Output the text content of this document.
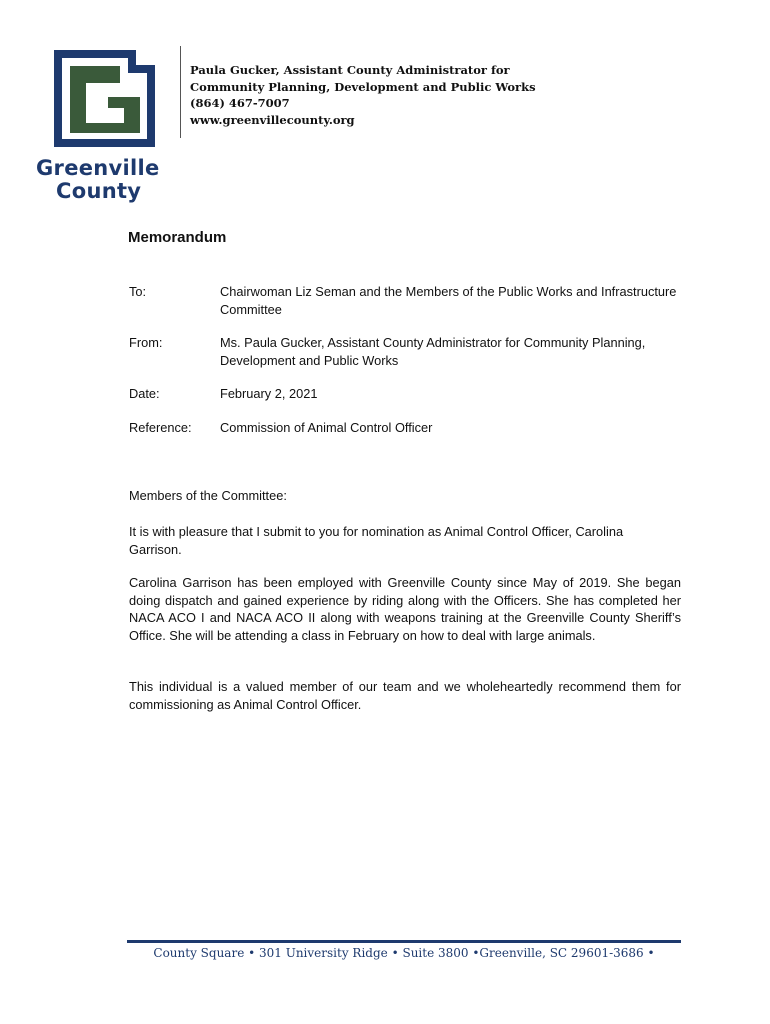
Greenville
County
Paula Gucker, Assistant County Administrator for
Community Planning, Development and Public Works
(864) 467-7007
www.greenvillecounty.org
Memorandum
To:	Chairwoman Liz Seman and the Members of the Public Works and Infrastructure Committee
From:	Ms. Paula Gucker, Assistant County Administrator for Community Planning, Development and Public Works
Date:	February 2, 2021
Reference:	Commission of Animal Control Officer

Members of the Committee:

It is with pleasure that I submit to you for nomination as Animal Control Officer, Carolina Garrison.

Carolina Garrison has been employed with Greenville County since May of 2019. She began doing dispatch and gained experience by riding along with the Officers. She has completed her NACA ACO I and NACA ACO II along with weapons training at the Greenville County Sheriff’s Office. She will be attending a class in February on how to deal with large animals.

This individual is a valued member of our team and we wholeheartedly recommend them for commissioning as Animal Control Officer.

County Square • 301 University Ridge • Suite 3800 •Greenville, SC 29601-3686 •
